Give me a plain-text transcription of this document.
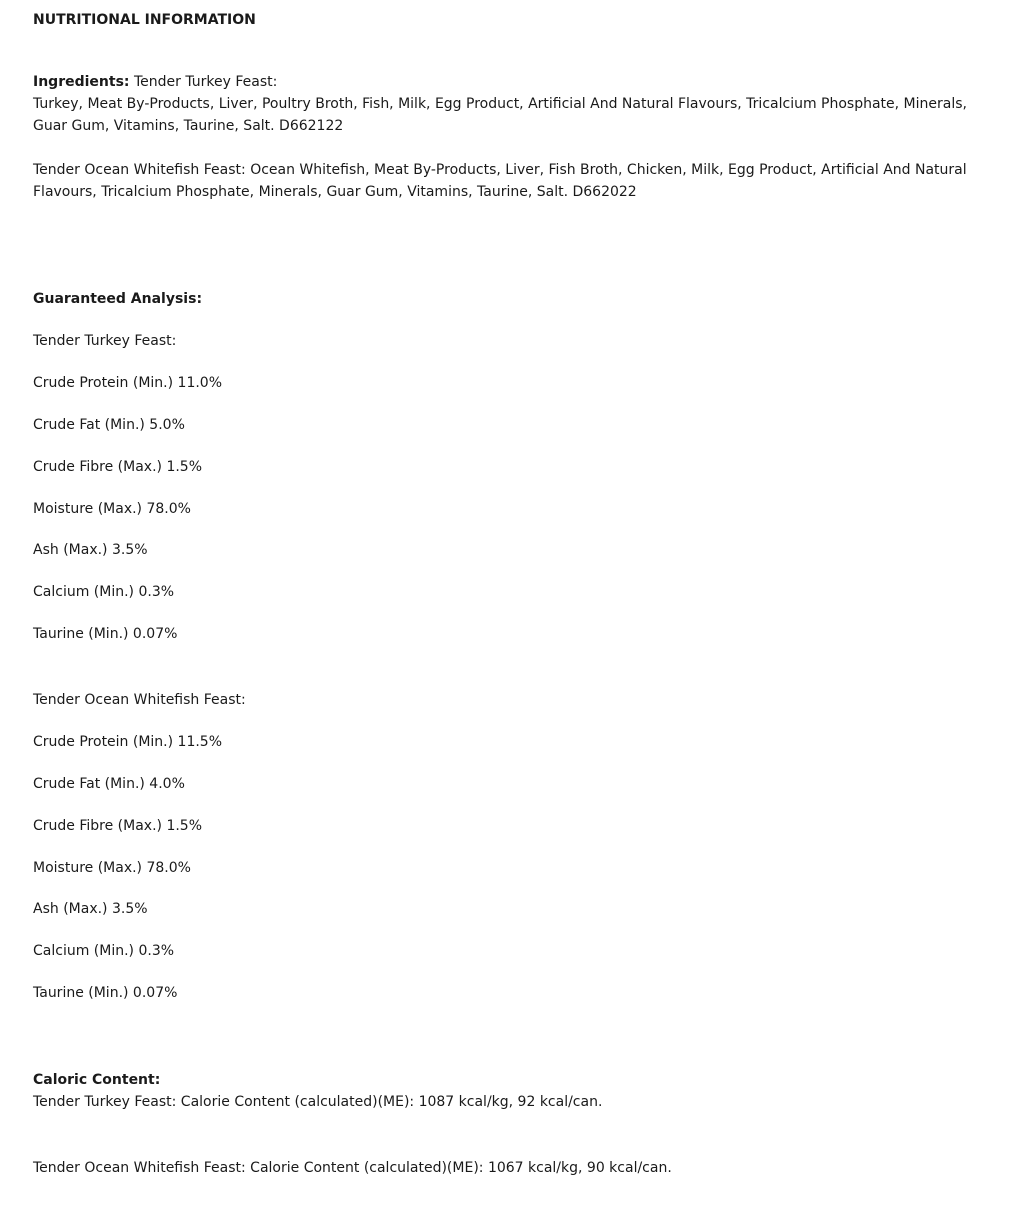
NUTRITIONAL INFORMATION
Ingredients: Tender Turkey Feast:
Turkey, Meat By-Products, Liver, Poultry Broth, Fish, Milk, Egg Product, Artificial And Natural Flavours, Tricalcium Phosphate, Minerals, Guar Gum, Vitamins, Taurine, Salt. D662122
Tender Ocean Whitefish Feast: Ocean Whitefish, Meat By-Products, Liver, Fish Broth, Chicken, Milk, Egg Product, Artificial And Natural Flavours, Tricalcium Phosphate, Minerals, Guar Gum, Vitamins, Taurine, Salt. D662022
Guaranteed Analysis:
Tender Turkey Feast:
Crude Protein (Min.) 11.0%
Crude Fat (Min.) 5.0%
Crude Fibre (Max.) 1.5%
Moisture (Max.) 78.0%
Ash (Max.) 3.5%
Calcium (Min.) 0.3%
Taurine (Min.) 0.07%
Tender Ocean Whitefish Feast:
Crude Protein (Min.) 11.5%
Crude Fat (Min.) 4.0%
Crude Fibre (Max.) 1.5%
Moisture (Max.) 78.0%
Ash (Max.) 3.5%
Calcium (Min.) 0.3%
Taurine (Min.) 0.07%
Caloric Content:
Tender Turkey Feast: Calorie Content (calculated)(ME): 1087 kcal/kg, 92 kcal/can.
Tender Ocean Whitefish Feast: Calorie Content (calculated)(ME): 1067 kcal/kg, 90 kcal/can.
